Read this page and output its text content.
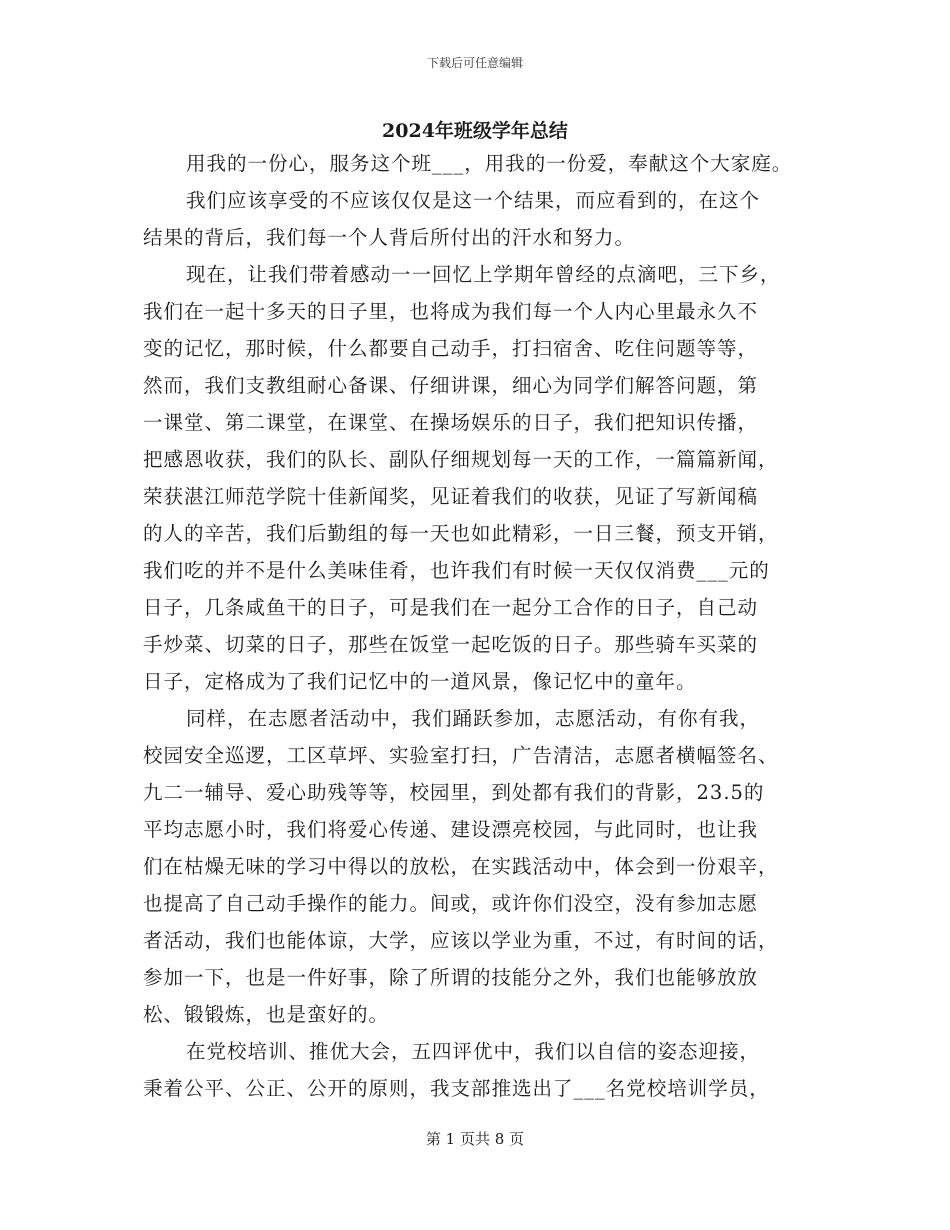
下载后可任意编辑
2024年班级学年总结
用我的一份心，服务这个班___，用我的一份爱，奉献这个大家庭。
我们应该享受的不应该仅仅是这一个结果，而应看到的，在这个
结果的背后，我们每一个人背后所付出的汗水和努力。
现在，让我们带着感动一一回忆上学期年曾经的点滴吧，三下乡，
我们在一起十多天的日子里，也将成为我们每一个人内心里最永久不
变的记忆，那时候，什么都要自己动手，打扫宿舍、吃住问题等等，
然而，我们支教组耐心备课、仔细讲课，细心为同学们解答问题，第
一课堂、第二课堂，在课堂、在操场娱乐的日子，我们把知识传播，
把感恩收获，我们的队长、副队仔细规划每一天的工作，一篇篇新闻，
荣获湛江师范学院十佳新闻奖，见证着我们的收获，见证了写新闻稿
的人的辛苦，我们后勤组的每一天也如此精彩，一日三餐，预支开销，
我们吃的并不是什么美味佳肴，也许我们有时候一天仅仅消费___元的
日子，几条咸鱼干的日子，可是我们在一起分工合作的日子，自己动
手炒菜、切菜的日子，那些在饭堂一起吃饭的日子。那些骑车买菜的
日子，定格成为了我们记忆中的一道风景，像记忆中的童年。
同样，在志愿者活动中，我们踊跃参加，志愿活动，有你有我，
校园安全巡逻，工区草坪、实验室打扫，广告清洁，志愿者横幅签名、
九二一辅导、爱心助残等等，校园里，到处都有我们的背影，23.5的
平均志愿小时，我们将爱心传递、建设漂亮校园，与此同时，也让我
们在枯燥无味的学习中得以的放松，在实践活动中，体会到一份艰辛，
也提高了自己动手操作的能力。间或，或许你们没空，没有参加志愿
者活动，我们也能体谅，大学，应该以学业为重，不过，有时间的话，
参加一下，也是一件好事，除了所谓的技能分之外，我们也能够放放
松、锻锻炼，也是蛮好的。
在党校培训、推优大会，五四评优中，我们以自信的姿态迎接，
秉着公平、公正、公开的原则，我支部推选出了___名党校培训学员，
第 1 页共 8 页
